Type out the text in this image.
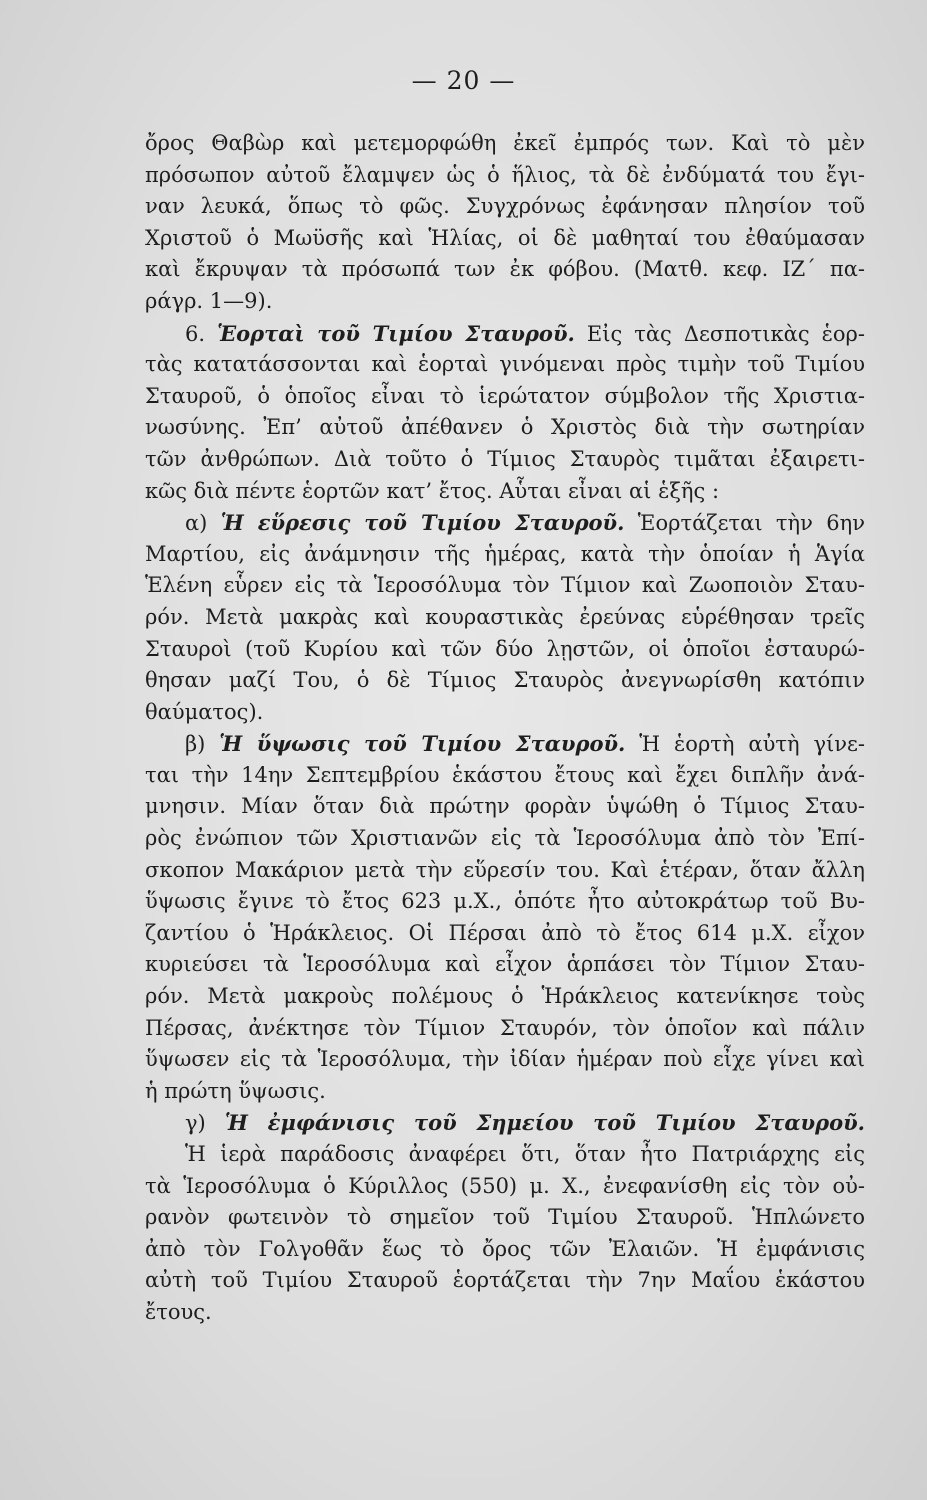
— 20 —
ὄρος Θαβὼρ καὶ μετεμορφώθη ἐκεῖ ἐμπρός των. Καὶ τὸ μὲν
πρόσωπον αὐτοῦ ἔλαμψεν ὡς ὁ ἥλιος, τὰ δὲ ἐνδύματά του ἔγι-
ναν λευκά, ὅπως τὸ φῶς. Συγχρόνως ἐφάνησαν πλησίον τοῦ
Χριστοῦ ὁ Μωϋσῆς καὶ Ἡλίας, οἱ δὲ μαθηταί του ἐθαύμασαν
καὶ ἔκρυψαν τὰ πρόσωπά των ἐκ φόβου. (Ματθ. κεφ. ΙΖ΄ πα-
ράγρ. 1—9).
6. Ἑορταὶ τοῦ Τιμίου Σταυροῦ. Εἰς τὰς Δεσποτικὰς ἑορ-
τὰς κατατάσσονται καὶ ἑορταὶ γινόμεναι πρὸς τιμὴν τοῦ Τιμίου
Σταυροῦ, ὁ ὁποῖος εἶναι τὸ ἱερώτατον σύμβολον τῆς Χριστια-
νωσύνης. Ἐπ’ αὐτοῦ ἀπέθανεν ὁ Χριστὸς διὰ τὴν σωτηρίαν
τῶν ἀνθρώπων. Διὰ τοῦτο ὁ Τίμιος Σταυρὸς τιμᾶται ἐξαιρετι-
κῶς διὰ πέντε ἑορτῶν κατ’ ἔτος. Αὗται εἶναι αἱ ἑξῆς :
α) Ἡ εὕρεσις τοῦ Τιμίου Σταυροῦ. Ἑορτάζεται τὴν 6ην
Μαρτίου, εἰς ἀνάμνησιν τῆς ἡμέρας, κατὰ τὴν ὁποίαν ἡ Ἁγία
Ἑλένη εὗρεν εἰς τὰ Ἱεροσόλυμα τὸν Τίμιον καὶ Ζωοποιὸν Σταυ-
ρόν. Μετὰ μακρὰς καὶ κουραστικὰς ἐρεύνας εὑρέθησαν τρεῖς
Σταυροὶ (τοῦ Κυρίου καὶ τῶν δύο λῃστῶν, οἱ ὁποῖοι ἐσταυρώ-
θησαν μαζί Του, ὁ δὲ Τίμιος Σταυρὸς ἀνεγνωρίσθη κατόπιν
θαύματος).
β) Ἡ ὕψωσις τοῦ Τιμίου Σταυροῦ. Ἡ ἑορτὴ αὐτὴ γίνε-
ται τὴν 14ην Σεπτεμβρίου ἑκάστου ἔτους καὶ ἔχει διπλῆν ἀνά-
μνησιν. Μίαν ὅταν διὰ πρώτην φορὰν ὑψώθη ὁ Τίμιος Σταυ-
ρὸς ἐνώπιον τῶν Χριστιανῶν εἰς τὰ Ἱεροσόλυμα ἀπὸ τὸν Ἐπί-
σκοπον Μακάριον μετὰ τὴν εὕρεσίν του. Καὶ ἑτέραν, ὅταν ἄλλη
ὕψωσις ἔγινε τὸ ἔτος 623 μ.Χ., ὁπότε ἦτο αὐτοκράτωρ τοῦ Βυ-
ζαντίου ὁ Ἡράκλειος. Οἱ Πέρσαι ἀπὸ τὸ ἔτος 614 μ.Χ. εἶχον
κυριεύσει τὰ Ἱεροσόλυμα καὶ εἶχον ἁρπάσει τὸν Τίμιον Σταυ-
ρόν. Μετὰ μακροὺς πολέμους ὁ Ἡράκλειος κατενίκησε τοὺς
Πέρσας, ἀνέκτησε τὸν Τίμιον Σταυρόν, τὸν ὁποῖον καὶ πάλιν
ὕψωσεν εἰς τὰ Ἱεροσόλυμα, τὴν ἰδίαν ἡμέραν ποὺ εἶχε γίνει καὶ
ἡ πρώτη ὕψωσις.
γ) Ἡ ἐμφάνισις τοῦ Σημείου τοῦ Τιμίου Σταυροῦ.
Ἡ ἱερὰ παράδοσις ἀναφέρει ὅτι, ὅταν ἦτο Πατριάρχης εἰς
τὰ Ἱεροσόλυμα ὁ Κύριλλος (550) μ. Χ., ἐνεφανίσθη εἰς τὸν οὐ-
ρανὸν φωτεινὸν τὸ σημεῖον τοῦ Τιμίου Σταυροῦ. Ἡπλώνετο
ἀπὸ τὸν Γολγοθᾶν ἕως τὸ ὄρος τῶν Ἐλαιῶν. Ἡ ἐμφάνισις
αὐτὴ τοῦ Τιμίου Σταυροῦ ἑορτάζεται τὴν 7ην Μαΐου ἑκάστου
ἔτους.
